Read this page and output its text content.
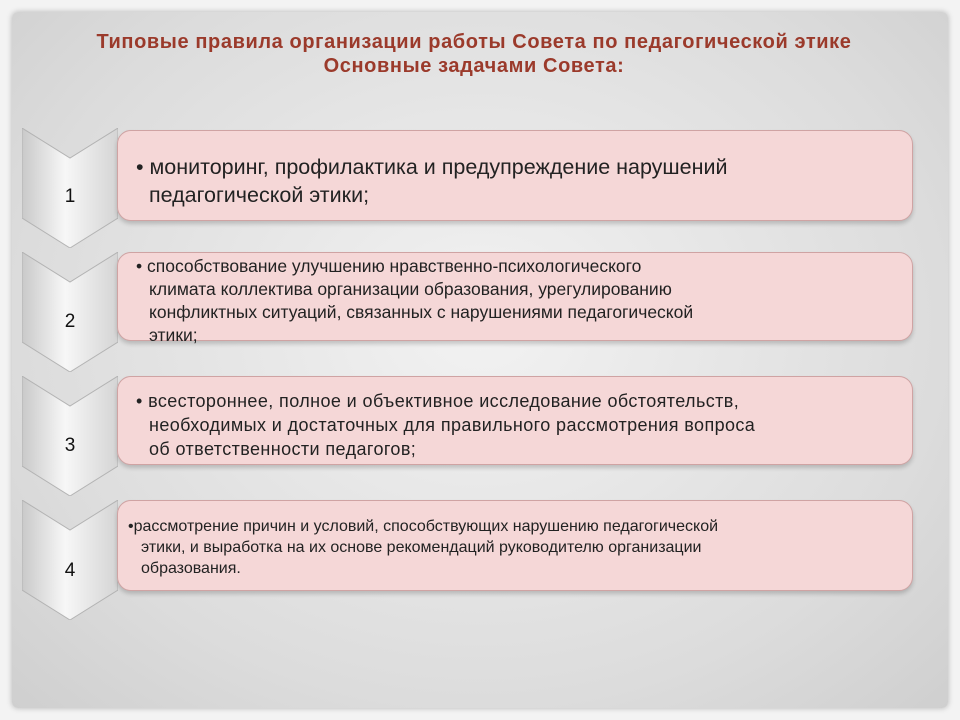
Типовые правила организации работы Совета по педагогической этике
Основные задачами Совета:
1
• мониторинг, профилактика и предупреждение нарушений
педагогической этики;
2
• способствование улучшению нравственно-психологического
климата коллектива организации образования, урегулированию
конфликтных ситуаций, связанных с нарушениями педагогической
этики;
3
• всестороннее, полное и объективное исследование обстоятельств,
необходимых и достаточных для правильного рассмотрения вопроса
об ответственности педагогов;
4
•рассмотрение причин и условий, способствующих нарушению педагогической
этики, и выработка на их основе рекомендаций руководителю организации
образования.
